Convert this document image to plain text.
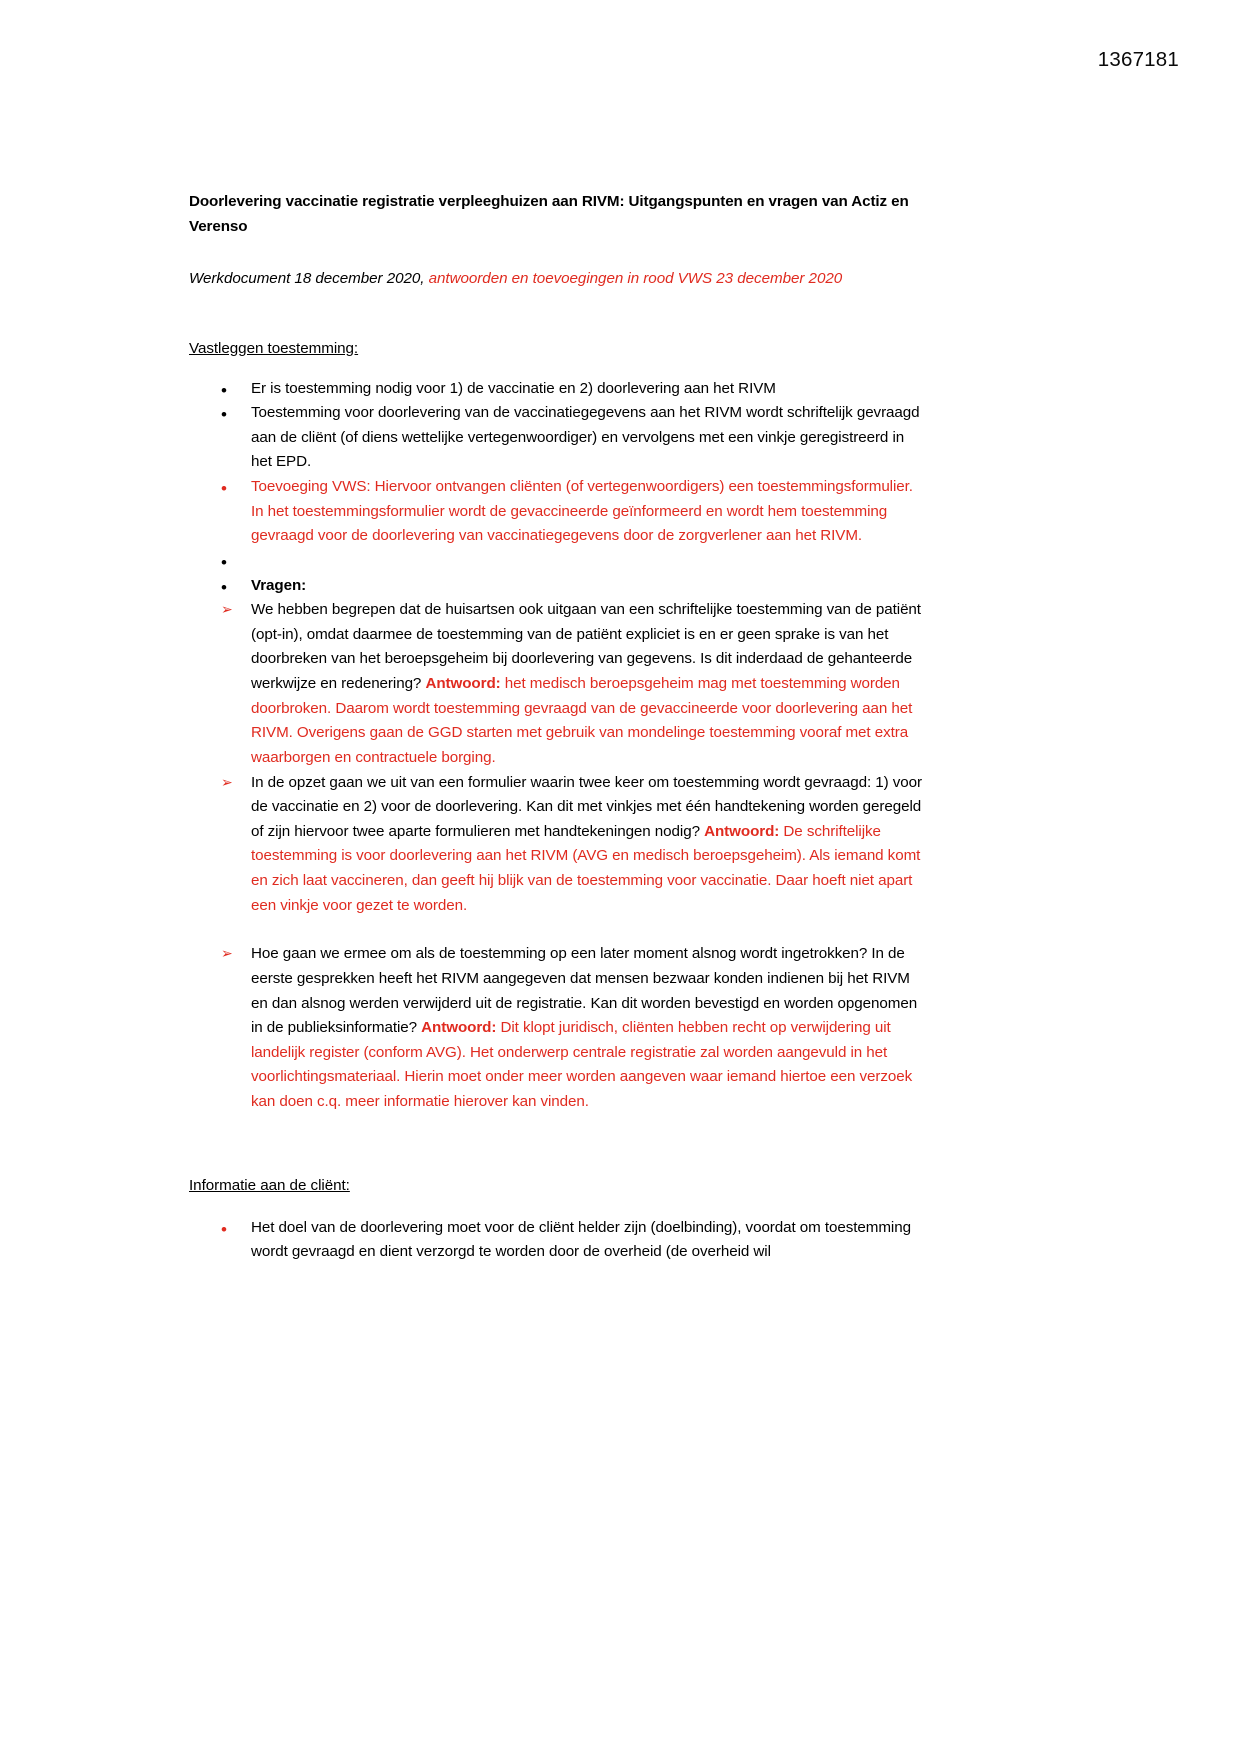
1367181
Doorlevering vaccinatie registratie verpleeghuizen aan RIVM: Uitgangspunten en vragen van Actiz en Verenso
Werkdocument 18 december 2020, antwoorden en toevoegingen in rood VWS 23 december 2020
Vastleggen toestemming:
•
Er is toestemming nodig voor 1) de vaccinatie en 2) doorlevering aan het RIVM
•
Toestemming voor doorlevering van de vaccinatiegegevens aan het RIVM wordt schriftelijk gevraagd aan de cliënt (of diens wettelijke vertegenwoordiger) en vervolgens met een vinkje geregistreerd in het EPD.
•
Toevoeging VWS: Hiervoor ontvangen cliënten (of vertegenwoordigers) een toestemmingsformulier. In het toestemmingsformulier wordt de gevaccineerde geïnformeerd en wordt hem toestemming gevraagd voor de doorlevering van vaccinatiegegevens door de zorgverlener aan het RIVM.
•
•
Vragen:
➢
We hebben begrepen dat de huisartsen ook uitgaan van een schriftelijke toestemming van de patiënt (opt-in), omdat daarmee de toestemming van de patiënt expliciet is en er geen sprake is van het doorbreken van het beroepsgeheim bij doorlevering van gegevens. Is dit inderdaad de gehanteerde werkwijze en redenering? Antwoord: het medisch beroepsgeheim mag met toestemming worden doorbroken. Daarom wordt toestemming gevraagd van de gevaccineerde voor doorlevering aan het RIVM. Overigens gaan de GGD starten met gebruik van mondelinge toestemming vooraf met extra waarborgen en contractuele borging.
➢
In de opzet gaan we uit van een formulier waarin twee keer om toestemming wordt gevraagd: 1) voor de vaccinatie en 2) voor de doorlevering. Kan dit met vinkjes met één handtekening worden geregeld of zijn hiervoor twee aparte formulieren met handtekeningen nodig? Antwoord: De schriftelijke toestemming is voor doorlevering aan het RIVM (AVG en medisch beroepsgeheim). Als iemand komt en zich laat vaccineren, dan geeft hij blijk van de toestemming voor vaccinatie. Daar hoeft niet apart een vinkje voor gezet te worden.
➢
Hoe gaan we ermee om als de toestemming op een later moment alsnog wordt ingetrokken? In de eerste gesprekken heeft het RIVM aangegeven dat mensen bezwaar konden indienen bij het RIVM en dan alsnog werden verwijderd uit de registratie. Kan dit worden bevestigd en worden opgenomen in de publieksinformatie? Antwoord: Dit klopt juridisch, cliënten hebben recht op verwijdering uit landelijk register (conform AVG). Het onderwerp centrale registratie zal worden aangevuld in het voorlichtingsmateriaal. Hierin moet onder meer worden aangeven waar iemand hiertoe een verzoek kan doen c.q. meer informatie hierover kan vinden.
Informatie aan de cliënt:
•
Het doel van de doorlevering moet voor de cliënt helder zijn (doelbinding), voordat om toestemming wordt gevraagd en dient verzorgd te worden door de overheid (de overheid wil
